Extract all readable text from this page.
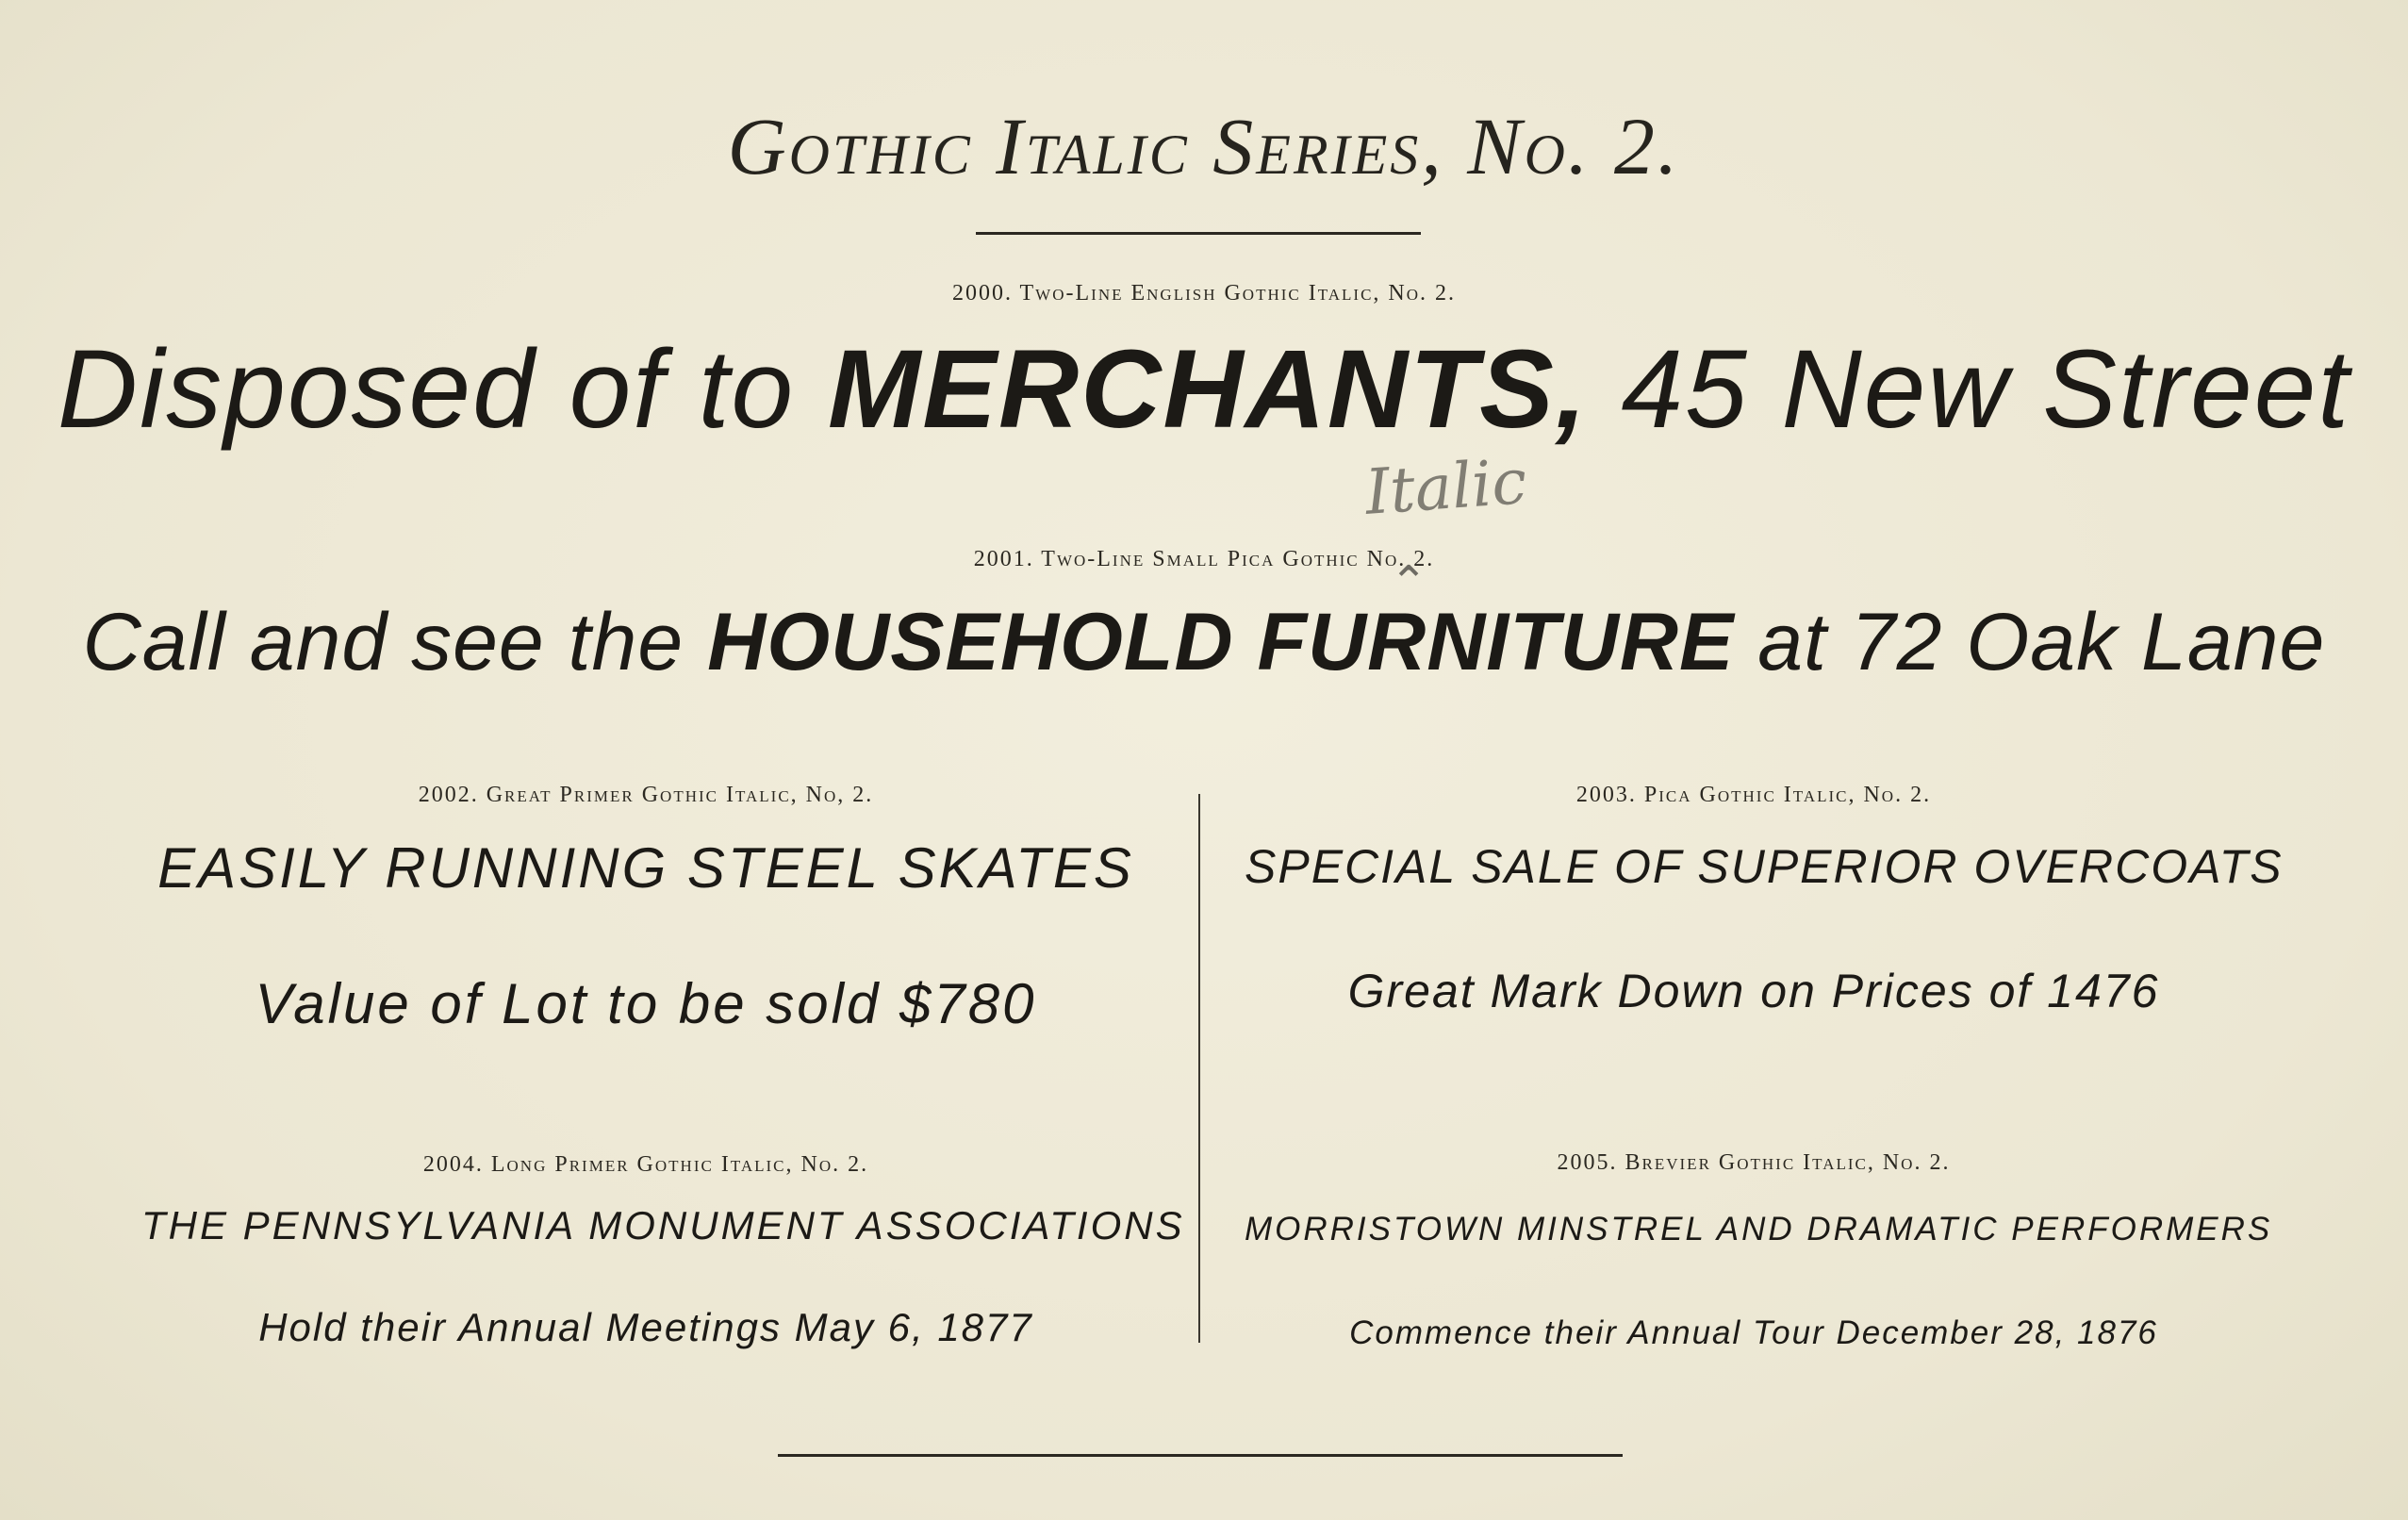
Gothic Italic Series, No. 2.
2000. Two-Line English Gothic Italic, No. 2.
Disposed of to MERCHANTS, 45 New Street
Italic
⌃
2001. Two-Line Small Pica Gothic No. 2.
Call and see the HOUSEHOLD FURNITURE at 72 Oak Lane
2002. Great Primer Gothic Italic, No, 2.
EASILY RUNNING STEEL SKATES
Value of Lot to be sold $780
2003. Pica Gothic Italic, No. 2.
SPECIAL SALE OF SUPERIOR OVERCOATS
Great Mark Down on Prices of 1476
2004. Long Primer Gothic Italic, No. 2.
THE PENNSYLVANIA MONUMENT ASSOCIATIONS
Hold their Annual Meetings May 6, 1877
2005. Brevier Gothic Italic, No. 2.
MORRISTOWN MINSTREL AND DRAMATIC PERFORMERS
Commence their Annual Tour December 28, 1876
